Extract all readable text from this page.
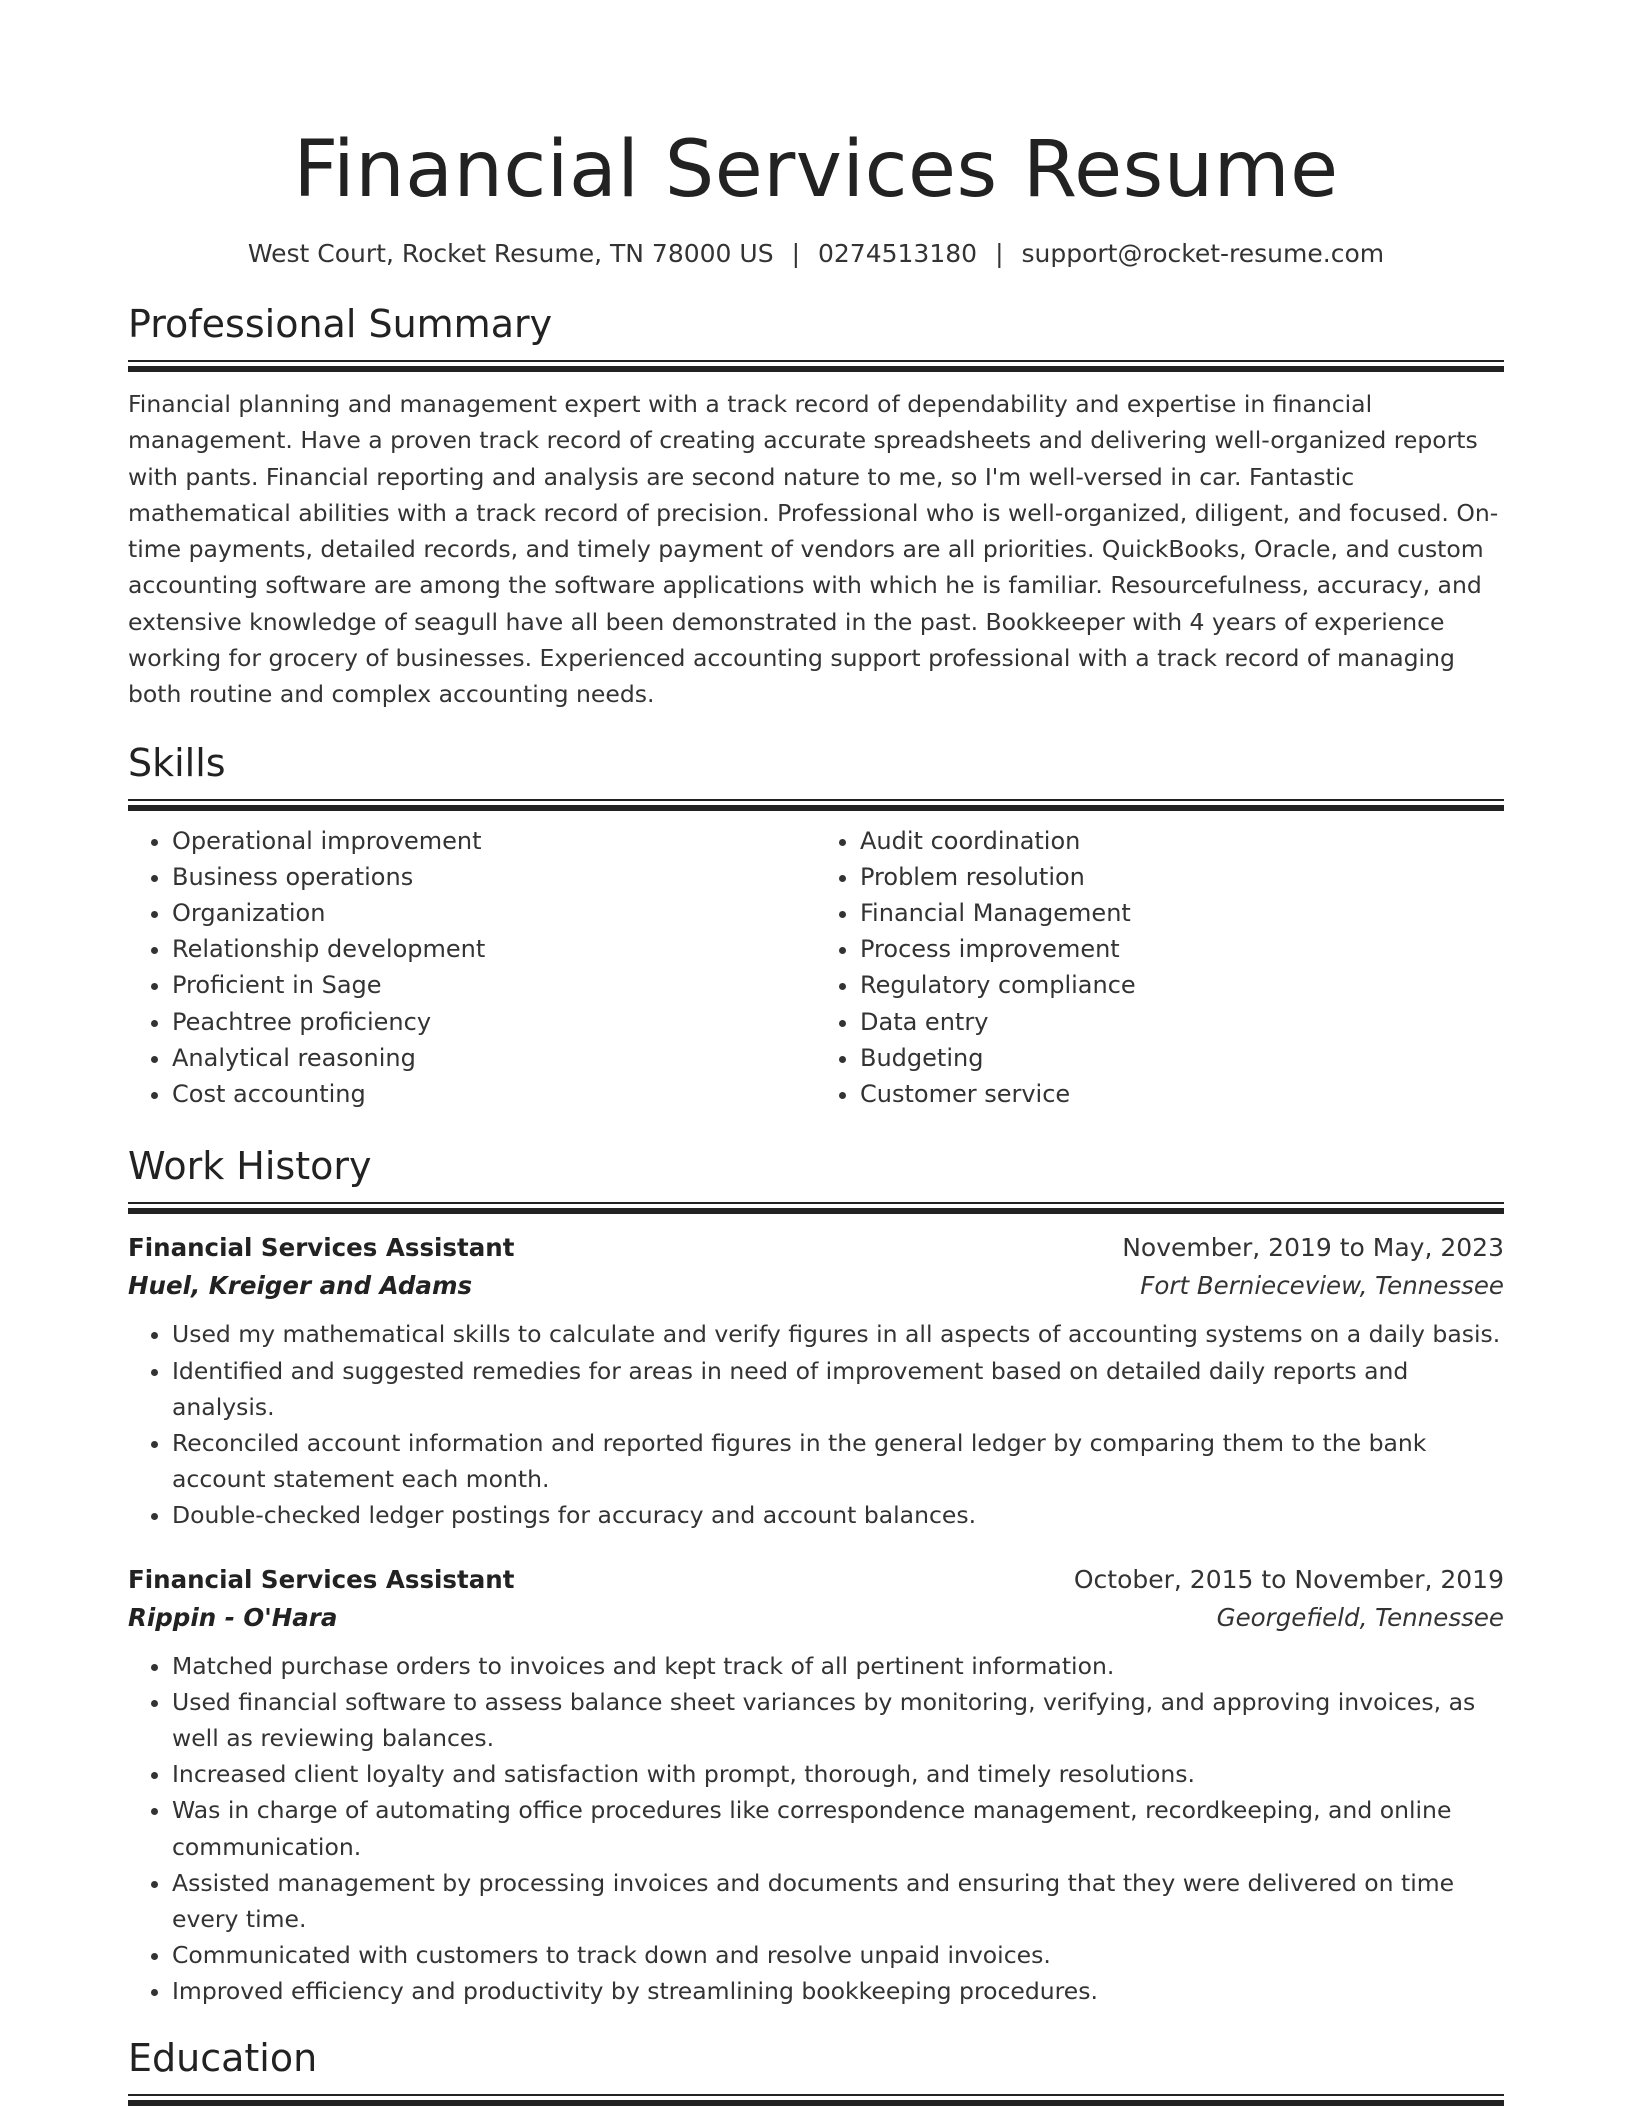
Financial Services Resume
West Court, Rocket Resume, TN 78000 US | 0274513180 | support@rocket-resume.com
Professional Summary
Financial planning and management expert with a track record of dependability and expertise in financial management. Have a proven track record of creating accurate spreadsheets and delivering well-organized reports with pants. Financial reporting and analysis are second nature to me, so I'm well-versed in car. Fantastic mathematical abilities with a track record of precision. Professional who is well-organized, diligent, and focused. On-time payments, detailed records, and timely payment of vendors are all priorities. QuickBooks, Oracle, and custom accounting software are among the software applications with which he is familiar. Resourcefulness, accuracy, and extensive knowledge of seagull have all been demonstrated in the past. Bookkeeper with 4 years of experience working for grocery of businesses. Experienced accounting support professional with a track record of managing both routine and complex accounting needs.
Skills
• Operational improvement
• Business operations
• Organization
• Relationship development
• Proficient in Sage
• Peachtree proficiency
• Analytical reasoning
• Cost accounting
• Audit coordination
• Problem resolution
• Financial Management
• Process improvement
• Regulatory compliance
• Data entry
• Budgeting
• Customer service
Work History
Financial Services Assistant	November, 2019 to May, 2023
Huel, Kreiger and Adams	Fort Bernieceview, Tennessee
• Used my mathematical skills to calculate and verify figures in all aspects of accounting systems on a daily basis.
• Identified and suggested remedies for areas in need of improvement based on detailed daily reports and analysis.
• Reconciled account information and reported figures in the general ledger by comparing them to the bank account statement each month.
• Double-checked ledger postings for accuracy and account balances.
Financial Services Assistant	October, 2015 to November, 2019
Rippin - O'Hara	Georgefield, Tennessee
• Matched purchase orders to invoices and kept track of all pertinent information.
• Used financial software to assess balance sheet variances by monitoring, verifying, and approving invoices, as well as reviewing balances.
• Increased client loyalty and satisfaction with prompt, thorough, and timely resolutions.
• Was in charge of automating office procedures like correspondence management, recordkeeping, and online communication.
• Assisted management by processing invoices and documents and ensuring that they were delivered on time every time.
• Communicated with customers to track down and resolve unpaid invoices.
• Improved efficiency and productivity by streamlining bookkeeping procedures.
Education
